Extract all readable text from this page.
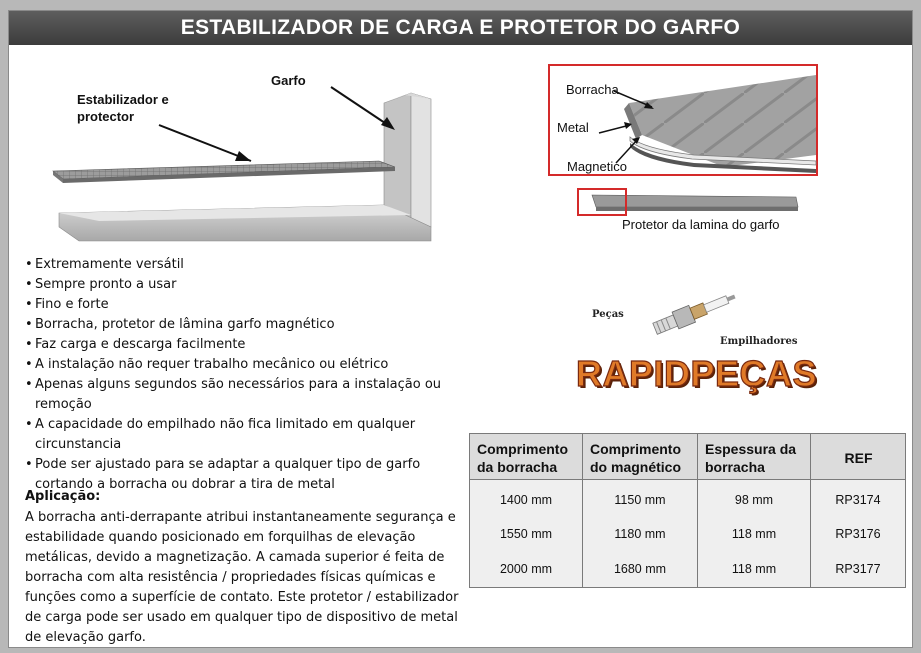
ESTABILIZADOR DE CARGA E PROTETOR DO GARFO
Estabilizador e protector
Garfo
Borracha
Metal
Magnetico
Protetor da lamina do garfo
• Extremamente versátil
• Sempre pronto a usar
• Fino e forte
• Borracha, protetor de lâmina garfo magnético
• Faz carga e descarga facilmente
• A instalação não requer trabalho mecânico ou elétrico
• Apenas alguns segundos são necessários para a instalação ou remoção
• A capacidade do empilhado não fica limitado em qualquer circunstancia
• Pode ser ajustado para se adaptar a qualquer tipo de garfo cortando a borracha ou dobrar a tira de metal
Peças
Empilhadores
RAPIDPEÇAS
Aplicação:
A borracha anti-derrapante atribui instantaneamente segurança e estabilidade quando posicionado em forquilhas de elevação metálicas, devido a magnetização. A camada superior é feita de borracha com alta resistência / propriedades físicas químicas e funções como a superfície de contato. Este protetor / estabilizador de carga pode ser usado em qualquer tipo de dispositivo de metal de elevação garfo.
Comprimento da borracha	Comprimento do magnético	Espessura da borracha	REF
1400 mm	1150 mm	98 mm	RP3174
1550 mm	1180 mm	118 mm	RP3176
2000 mm	1680 mm	118 mm	RP3177
